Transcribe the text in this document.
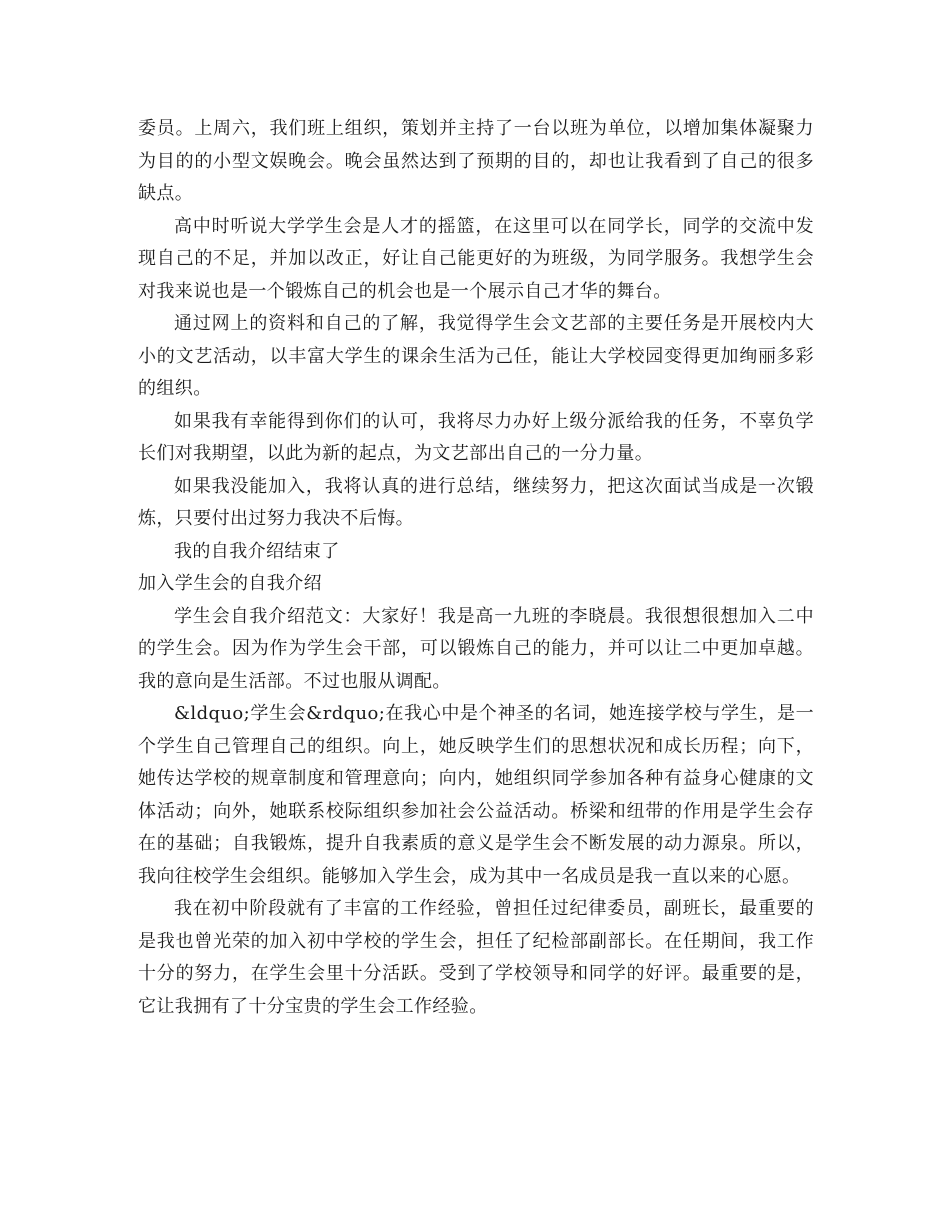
委员。上周六，我们班上组织，策划并主持了一台以班为单位，以增加集体凝聚力为目的的小型文娱晚会。晚会虽然达到了预期的目的，却也让我看到了自己的很多缺点。

高中时听说大学学生会是人才的摇篮，在这里可以在同学长，同学的交流中发现自己的不足，并加以改正，好让自己能更好的为班级，为同学服务。我想学生会对我来说也是一个锻炼自己的机会也是一个展示自己才华的舞台。

通过网上的资料和自己的了解，我觉得学生会文艺部的主要任务是开展校内大小的文艺活动，以丰富大学生的课余生活为己任，能让大学校园变得更加绚丽多彩的组织。

如果我有幸能得到你们的认可，我将尽力办好上级分派给我的任务，不辜负学长们对我期望，以此为新的起点，为文艺部出自己的一分力量。

如果我没能加入，我将认真的进行总结，继续努力，把这次面试当成是一次锻炼，只要付出过努力我决不后悔。

我的自我介绍结束了

加入学生会的自我介绍

学生会自我介绍范文：大家好！我是高一九班的李晓晨。我很想很想加入二中的学生会。因为作为学生会干部，可以锻炼自己的能力，并可以让二中更加卓越。我的意向是生活部。不过也服从调配。

&ldquo;学生会&rdquo;在我心中是个神圣的名词，她连接学校与学生，是一个学生自己管理自己的组织。向上，她反映学生们的思想状况和成长历程；向下，她传达学校的规章制度和管理意向；向内，她组织同学参加各种有益身心健康的文体活动；向外，她联系校际组织参加社会公益活动。桥梁和纽带的作用是学生会存在的基础；自我锻炼，提升自我素质的意义是学生会不断发展的动力源泉。所以，我向往校学生会组织。能够加入学生会，成为其中一名成员是我一直以来的心愿。

我在初中阶段就有了丰富的工作经验，曾担任过纪律委员，副班长，最重要的是我也曾光荣的加入初中学校的学生会，担任了纪检部副部长。在任期间，我工作十分的努力，在学生会里十分活跃。受到了学校领导和同学的好评。最重要的是，它让我拥有了十分宝贵的学生会工作经验。
